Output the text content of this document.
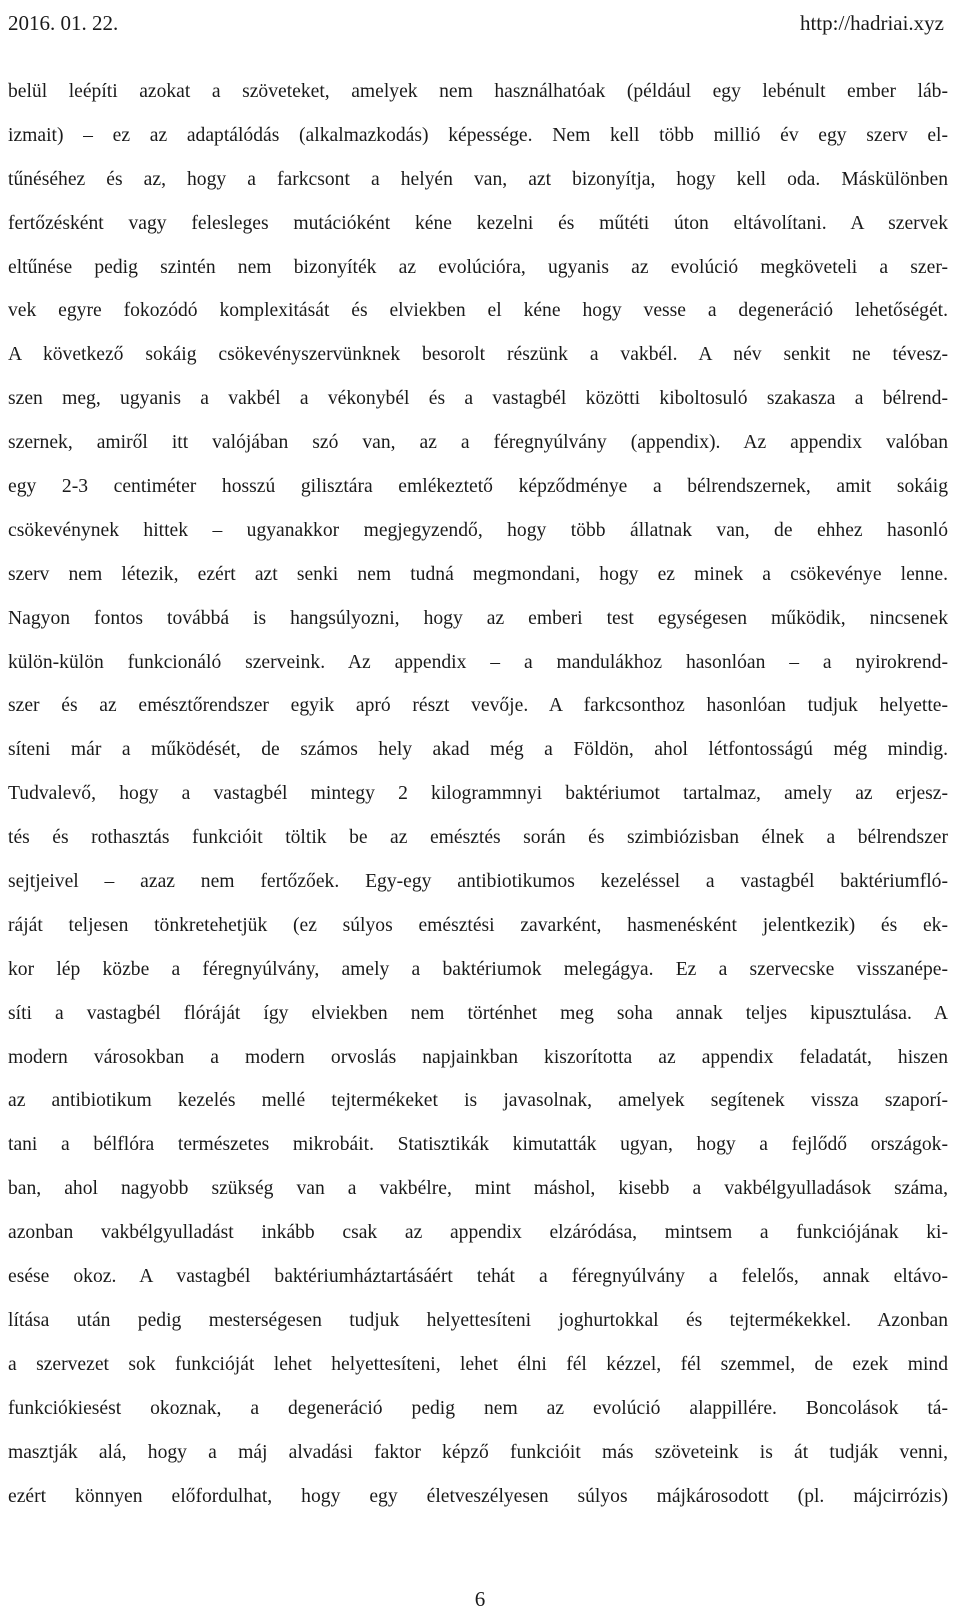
2016. 01. 22.	http://hadriai.xyz
belül leépíti azokat a szöveteket, amelyek nem használhatóak (például egy lebénult ember láb-
izmait) – ez az adaptálódás (alkalmazkodás) képessége. Nem kell több millió év egy szerv el-
tűnéséhez és az, hogy a farkcsont a helyén van, azt bizonyítja, hogy kell oda. Máskülönben
fertőzésként vagy felesleges mutációként kéne kezelni és műtéti úton eltávolítani. A szervek
eltűnése pedig szintén nem bizonyíték az evolúcióra, ugyanis az evolúció megköveteli a szer-
vek egyre fokozódó komplexitását és elviekben el kéne hogy vesse a degeneráció lehetőségét.
A következő sokáig csökevényszervünknek besorolt részünk a vakbél. A név senkit ne tévesz-
szen meg, ugyanis a vakbél a vékonybél és a vastagbél közötti kiboltosuló szakasza a bélrend-
szernek, amiről itt valójában szó van, az a féregnyúlvány (appendix). Az appendix valóban
egy 2-3 centiméter hosszú gilisztára emlékeztető képződménye a bélrendszernek, amit sokáig
csökevénynek hittek – ugyanakkor megjegyzendő, hogy több állatnak van, de ehhez hasonló
szerv nem létezik, ezért azt senki nem tudná megmondani, hogy ez minek a csökevénye lenne.
Nagyon fontos továbbá is hangsúlyozni, hogy az emberi test egységesen működik, nincsenek
külön-külön funkcionáló szerveink. Az appendix – a mandulákhoz hasonlóan – a nyirokrend-
szer és az emésztőrendszer egyik apró részt vevője. A farkcsonthoz hasonlóan tudjuk helyette-
síteni már a működését, de számos hely akad még a Földön, ahol létfontosságú még mindig.
Tudvalevő, hogy a vastagbél mintegy 2 kilogrammnyi baktériumot tartalmaz, amely az erjesz-
tés és rothasztás funkcióit töltik be az emésztés során és szimbiózisban élnek a bélrendszer
sejtjeivel – azaz nem fertőzőek. Egy-egy antibiotikumos kezeléssel a vastagbél baktériumfló-
ráját teljesen tönkretehetjük (ez súlyos emésztési zavarként, hasmenésként jelentkezik) és ek-
kor lép közbe a féregnyúlvány, amely a baktériumok melegágya. Ez a szervecske visszanépe-
síti a vastagbél flóráját így elviekben nem történhet meg soha annak teljes kipusztulása. A
modern városokban a modern orvoslás napjainkban kiszorította az appendix feladatát, hiszen
az antibiotikum kezelés mellé tejtermékeket is javasolnak, amelyek segítenek vissza szaporí-
tani a bélflóra természetes mikrobáit. Statisztikák kimutatták ugyan, hogy a fejlődő országok-
ban, ahol nagyobb szükség van a vakbélre, mint máshol, kisebb a vakbélgyulladások száma,
azonban vakbélgyulladást inkább csak az appendix elzáródása, mintsem a funkciójának ki-
esése okoz. A vastagbél baktériumháztartásáért tehát a féregnyúlvány a felelős, annak eltávo-
lítása után pedig mesterségesen tudjuk helyettesíteni joghurtokkal és tejtermékekkel. Azonban
a szervezet sok funkcióját lehet helyettesíteni, lehet élni fél kézzel, fél szemmel, de ezek mind
funkciókiesést okoznak, a degeneráció pedig nem az evolúció alappillére. Boncolások tá-
masztják alá, hogy a máj alvadási faktor képző funkcióit más szöveteink is át tudják venni,
ezért könnyen előfordulhat, hogy egy életveszélyesen súlyos májkárosodott (pl. májcirrózis)
6
